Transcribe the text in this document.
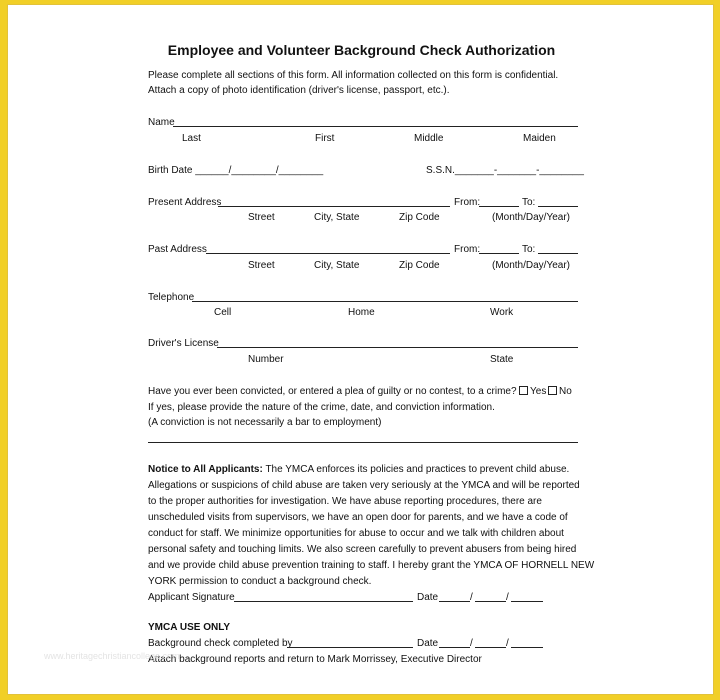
Employee and Volunteer Background Check Authorization
Please complete all sections of this form. All information collected on this form is confidential.
Attach a copy of photo identification (driver's license, passport, etc.).
Name
Last	First	Middle	Maiden
Birth Date ______/________/________	S.S.N._______-_______-________
Present Address	From:	To:
Street	City, State	Zip Code	(Month/Day/Year)
Past Address	From:	To:
Street	City, State	Zip Code	(Month/Day/Year)
Telephone
Cell	Home	Work
Driver's License
Number	State
Have you ever been convicted, or entered a plea of guilty or no contest, to a crime?	Yes	No
If yes, please provide the nature of the crime, date, and conviction information.
(A conviction is not necessarily a bar to employment)
Notice to All Applicants: The YMCA enforces its policies and practices to prevent child abuse.
Allegations or suspicions of child abuse are taken very seriously at the YMCA and will be reported
to the proper authorities for investigation. We have abuse reporting procedures, there are
unscheduled visits from supervisors, we have an open door for parents, and we have a code of
conduct for staff. We minimize opportunities for abuse to occur and we talk with children about
personal safety and touching limits. We also screen carefully to prevent abusers from being hired
and we provide child abuse prevention training to staff. I hereby grant the YMCA OF HORNELL NEW
YORK permission to conduct a background check.
Applicant Signature	Date	/	/
YMCA USE ONLY
Background check completed by	Date	/	/
Attach background reports and return to Mark Morrissey, Executive Director
www.heritagechristiancollege.com
